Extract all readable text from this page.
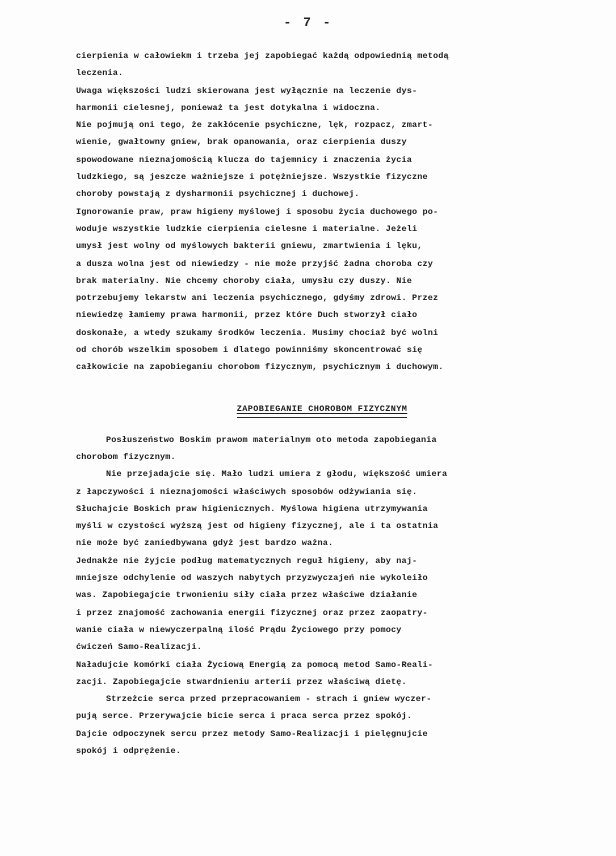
- 7 -
cierpienia w całowiekm i trzeba jej zapobiegać każdą odpowiednią metodą
leczenia.
Uwaga większości ludzi skierowana jest wyłącznie na leczenie dys-
harmonii cielesnej, ponieważ ta jest dotykalna i widoczna.
Nie pojmują oni tego, że zakłócenie psychiczne, lęk, rozpacz, zmart-
wienie, gwałtowny gniew, brak opanowania, oraz cierpienia duszy
spowodowane nieznajomością klucza do tajemnicy i znaczenia życia
ludzkiego, są jeszcze ważniejsze i potężniejsze. Wszystkie fizyczne
choroby powstają z dysharmonii psychicznej i duchowej.
Ignorowanie praw, praw higieny myślowej i sposobu życia duchowego po-
woduje wszystkie ludzkie cierpienia cielesne i materialne. Jeżeli
umysł jest wolny od myślowych bakterii gniewu, zmartwienia i lęku,
a dusza wolna jest od niewiedzy - nie może przyjść żadna choroba czy
brak materialny. Nie chcemy choroby ciała, umysłu czy duszy. Nie
potrzebujemy lekarstw ani leczenia psychicznego, gdyśmy zdrowi. Przez
niewiedzę łamiemy prawa harmonii, przez które Duch stworzył ciało
doskonałe, a wtedy szukamy środków leczenia. Musimy chociaż być wolni
od chorób wszelkim sposobem i dlatego powinniśmy skoncentrować się
całkowicie na zapobieganiu chorobom fizycznym, psychicznym i duchowym.
ZAPOBIEGANIE CHOROBOM FIZYCZNYM
Posłuszeństwo Boskim prawom materialnym oto metoda zapobiegania
chorobom fizycznym.
Nie przejadajcie się. Mało ludzi umiera z głodu, większość umiera
z łapczywości i nieznajomości właściwych sposobów odżywiania się.
Słuchajcie Boskich praw higienicznych. Myślowa higiena utrzymywania
myśli w czystości wyższą jest od higieny fizycznej, ale i ta ostatnia
nie może być zaniedbywana gdyż jest bardzo ważna.
Jednakże nie żyjcie podług matematycznych reguł higieny, aby naj-
mniejsze odchylenie od waszych nabytych przyzwyczajeń nie wykoleiło
was. Zapobiegajcie trwonieniu siły ciała przez właściwe działanie
i przez znajomość zachowania energii fizycznej oraz przez zaopatry-
wanie ciała w niewyczerpalną ilość Prądu Życiowego przy pomocy
ćwiczeń Samo-Realizacji.
Naładujcie komórki ciała Życiową Energią za pomocą metod Samo-Reali-
zacji. Zapobiegajcie stwardnieniu arterii przez właściwą dietę.
Strzeżcie serca przed przepracowaniem - strach i gniew wyczer-
pują serce. Przerywajcie bicie serca i praca serca przez spokój.
Dajcie odpoczynek sercu przez metody Samo-Realizacji i pielęgnujcie
spokój i odprężenie.
